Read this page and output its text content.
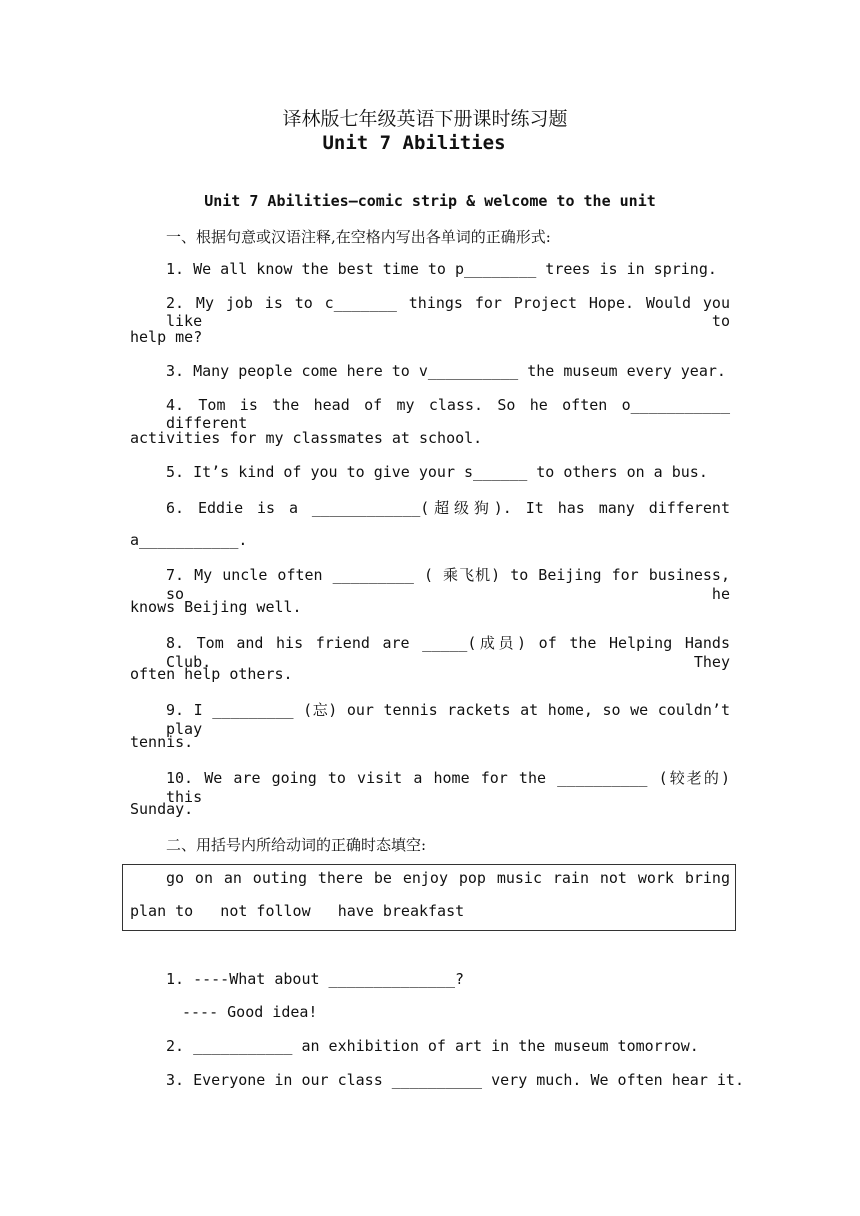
译林版七年级英语下册课时练习题
Unit 7 Abilities
Unit 7 Abilities—comic strip & welcome to the unit
一、根据句意或汉语注释,在空格内写出各单词的正确形式:
1. We all know the best time to p________ trees is in spring.
2. My job is to c_______ things for Project Hope. Would you like to
help me?
3. Many people come here to v__________ the museum every year.
4. Tom is the head of my class. So he often o___________ different
activities for my classmates at school.
5. It’s kind of you to give your s______ to others on a bus.
6. Eddie is a ____________(超级狗). It has many different
a___________.
7. My uncle often _________ ( 乘飞机) to Beijing for business, so he
knows Beijing well.
8. Tom and his friend are _____(成员) of the Helping Hands Club. They
often help others.
9. I _________ (忘) our tennis rackets at home, so we couldn’t play
tennis.
10. We are going to visit a home for the __________ (较老的) this
Sunday.
二、用括号内所给动词的正确时态填空:
go on an outing there be enjoy pop music rain not work bring
plan to   not follow   have breakfast
1. ----What about ______________?
---- Good idea!
2. ___________ an exhibition of art in the museum tomorrow.
3. Everyone in our class __________ very much. We often hear it.
